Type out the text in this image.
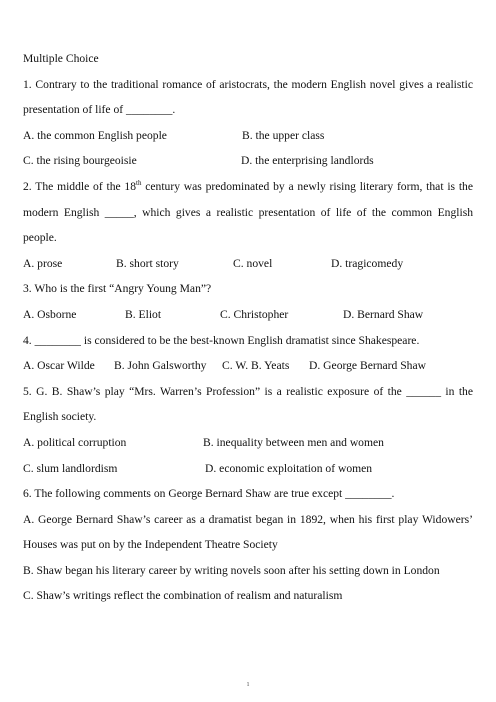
Multiple Choice
1. Contrary to the traditional romance of aristocrats, the modern English novel gives a realistic presentation of life of ________.
A. the common English people	B. the upper class
C. the rising bourgeoisie	D. the enterprising landlords
2. The middle of the 18th century was predominated by a newly rising literary form, that is the modern English _____, which gives a realistic presentation of life of the common English people.
A. prose	B. short story	C. novel	D. tragicomedy
3. Who is the first “Angry Young Man”?
A. Osborne	B. Eliot	C. Christopher	D. Bernard Shaw
4. ________ is considered to be the best-known English dramatist since Shakespeare.
A. Oscar Wilde	B. John Galsworthy	C. W. B. Yeats	D. George Bernard Shaw
5. G. B. Shaw’s play “Mrs. Warren’s Profession” is a realistic exposure of the ______ in the English society.
A. political corruption	B. inequality between men and women
C. slum landlordism	D. economic exploitation of women
6. The following comments on George Bernard Shaw are true except ________.
A. George Bernard Shaw’s career as a dramatist began in 1892, when his first play Widowers’ Houses was put on by the Independent Theatre Society
B. Shaw began his literary career by writing novels soon after his setting down in London
C. Shaw’s writings reflect the combination of realism and naturalism
1
